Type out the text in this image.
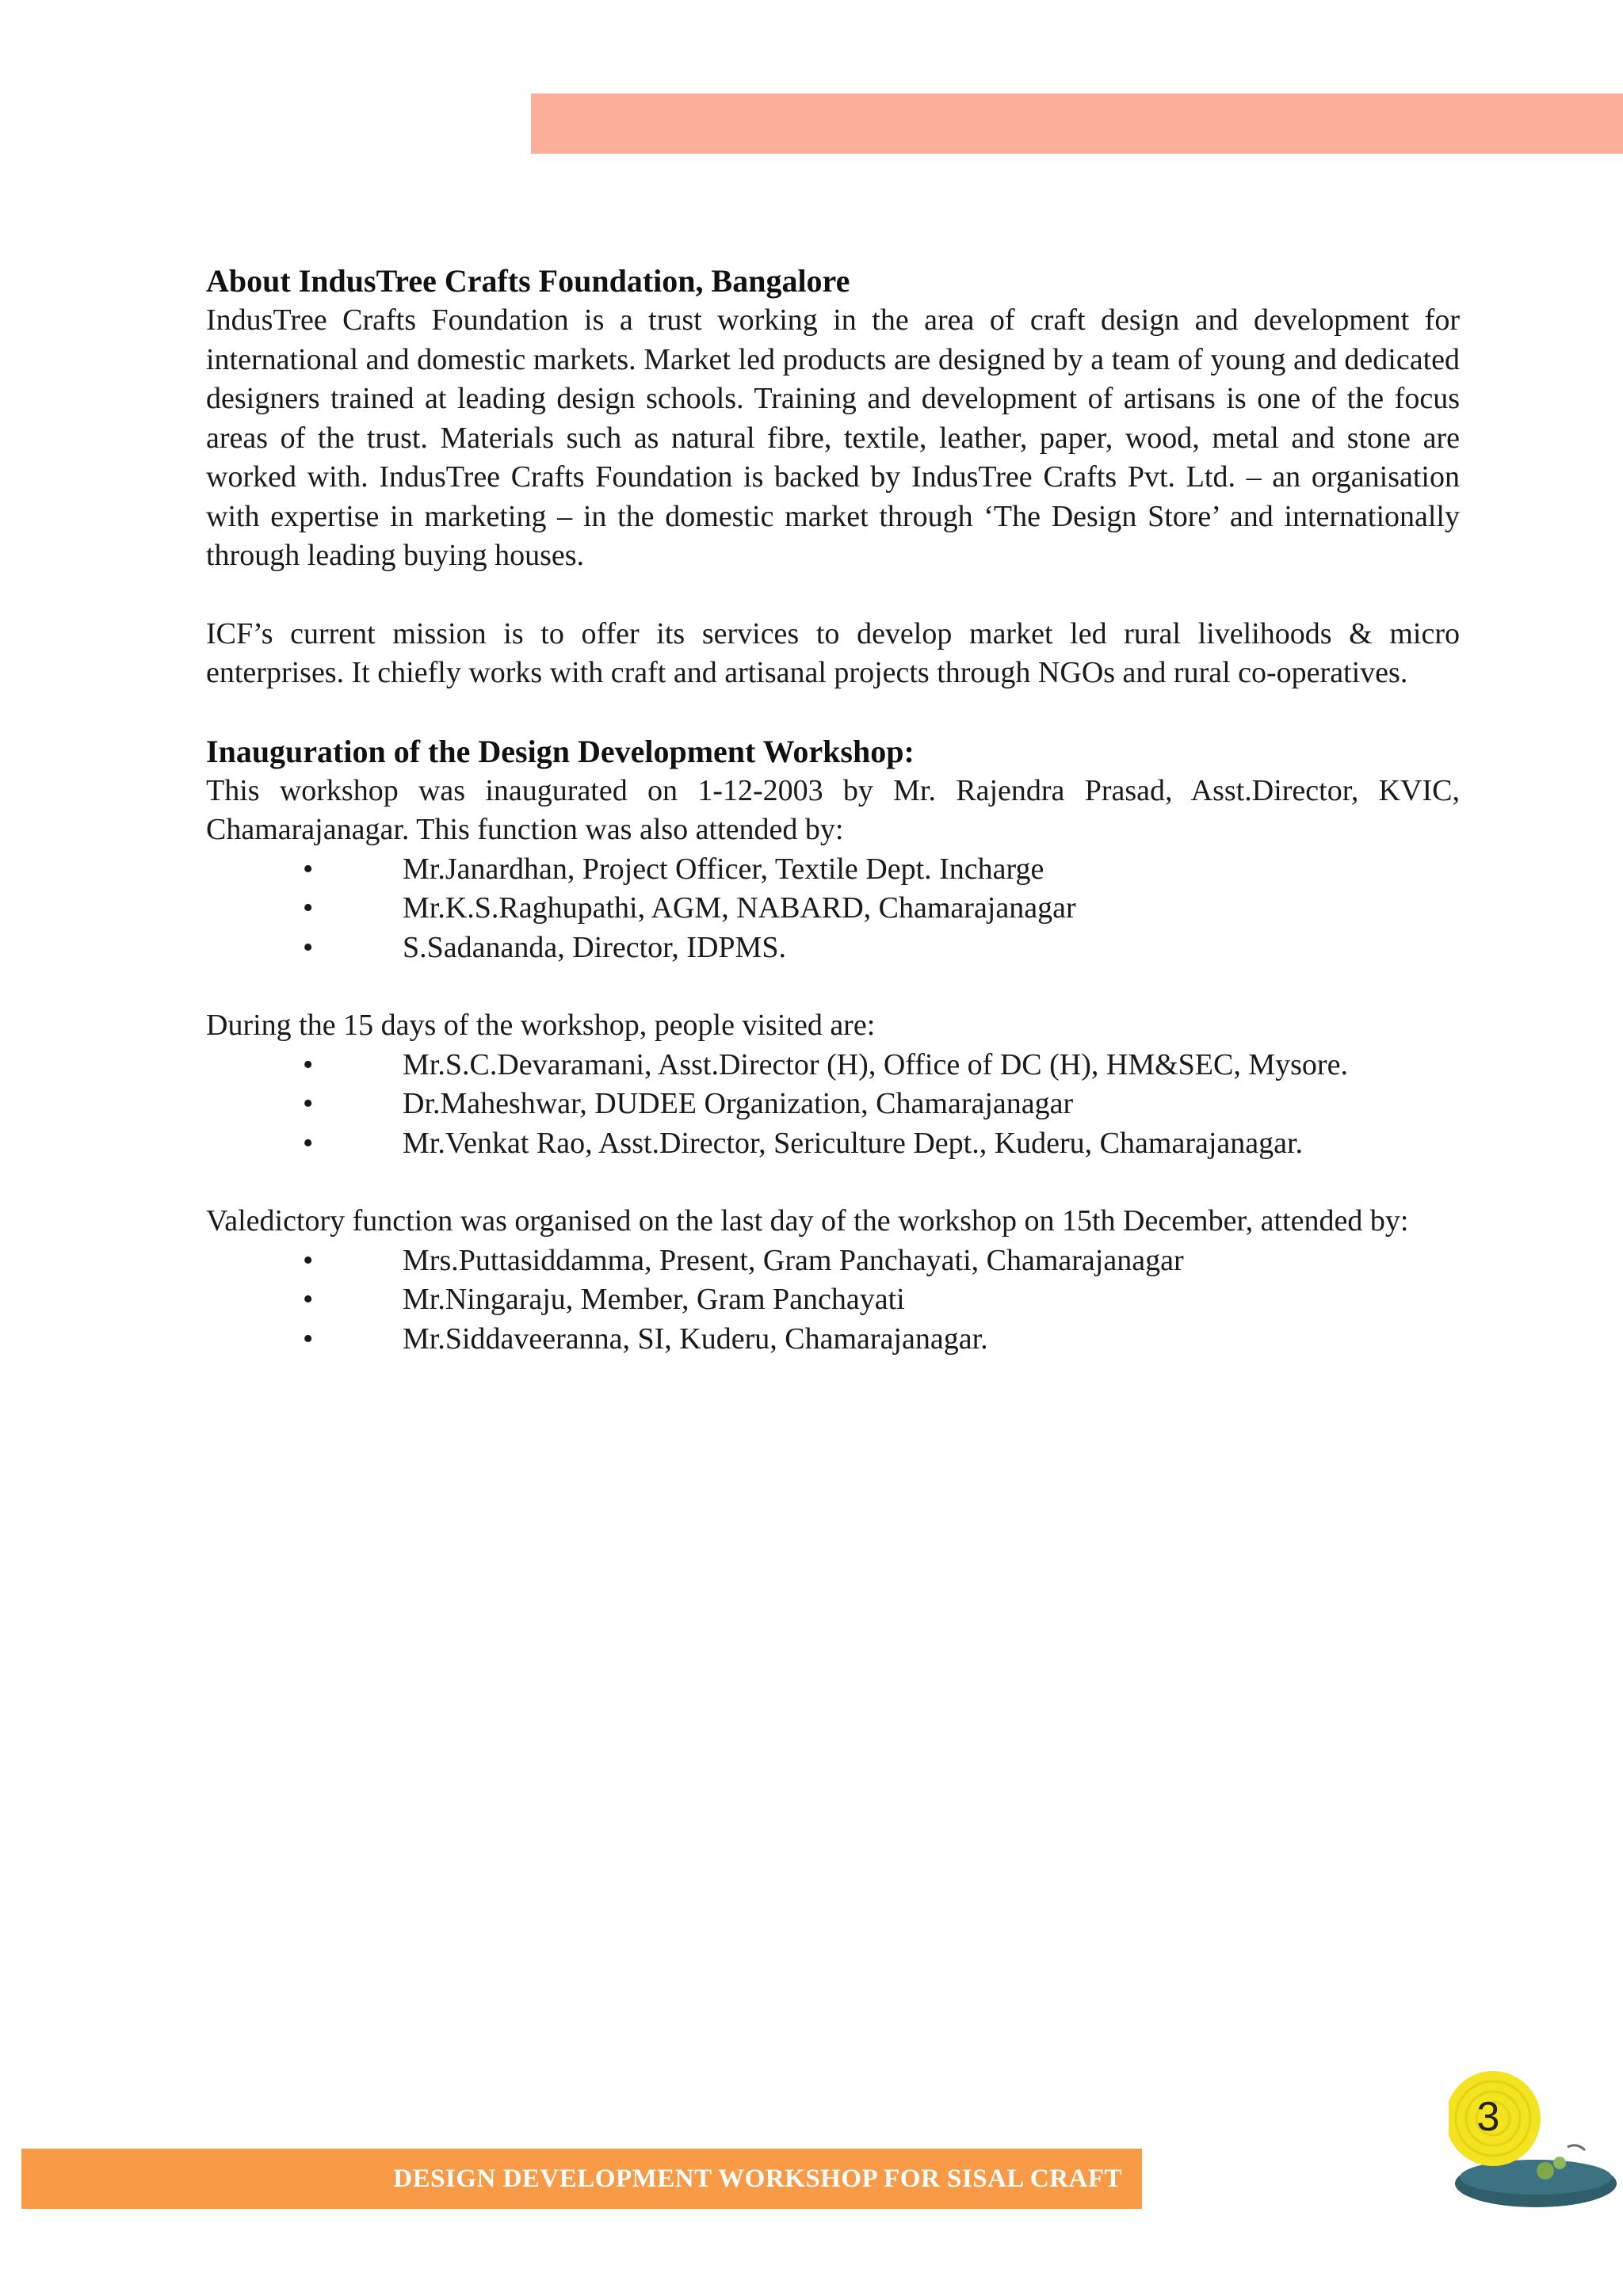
About IndusTree Crafts Foundation, Bangalore

IndusTree Crafts Foundation is a trust working in the area of craft design and development for international and domestic markets. Market led products are designed by a team of young and dedicated designers trained at leading design schools. Training and development of artisans is one of the focus areas of the trust. Materials such as natural fibre, textile, leather, paper, wood, metal and stone are worked with. IndusTree Crafts Foundation is backed by IndusTree Crafts Pvt. Ltd. – an organisation with expertise in marketing – in the domestic market through ‘The Design Store’ and internationally through leading buying houses.

ICF’s current mission is to offer its services to develop market led rural livelihoods & micro enterprises. It chiefly works with craft and artisanal projects through NGOs and rural co-operatives.

Inauguration of the Design Development Workshop:

This workshop was inaugurated on 1-12-2003 by Mr. Rajendra Prasad, Asst.Director, KVIC, Chamarajanagar. This function was also attended by:

•	Mr.Janardhan, Project Officer, Textile Dept. Incharge
•	Mr.K.S.Raghupathi, AGM, NABARD, Chamarajanagar
•	S.Sadananda, Director, IDPMS.

During the 15 days of the workshop, people visited are:

•	Mr.S.C.Devaramani, Asst.Director (H), Office of DC (H), HM&SEC, Mysore.
•	Dr.Maheshwar, DUDEE Organization, Chamarajanagar
•	Mr.Venkat Rao, Asst.Director, Sericulture Dept., Kuderu, Chamarajanagar.

Valedictory function was organised on the last day of the workshop on 15th December, attended by:

•	Mrs.Puttasiddamma, Present, Gram Panchayati, Chamarajanagar
•	Mr.Ningaraju, Member, Gram Panchayati
•	Mr.Siddaveeranna, SI, Kuderu, Chamarajanagar.
DESIGN DEVELOPMENT WORKSHOP FOR SISAL CRAFT
3
